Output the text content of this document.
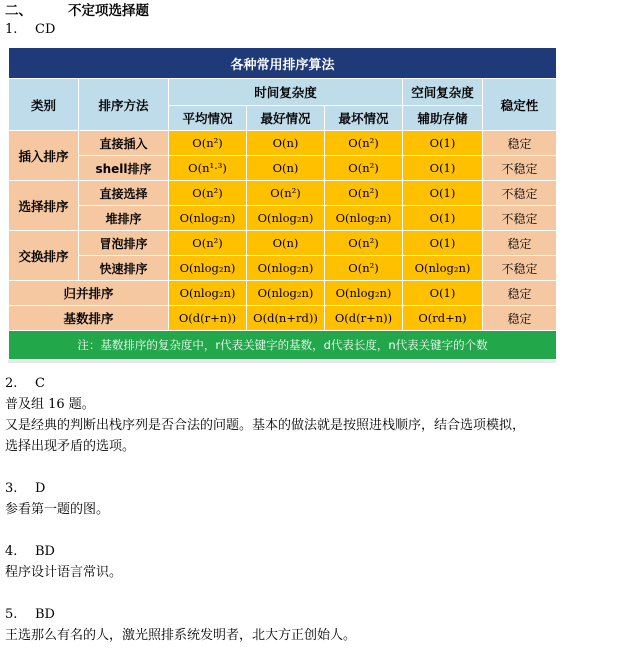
二、	不定项选择题
1. CD
各种常用排序算法						
类别	排序方法	时间复杂度			空间复杂度	稳定性
		平均情况	最好情况	最坏情况	辅助存储	
插入排序	直接插入	O(n²)	O(n)	O(n²)	O(1)	稳定
	shell排序	O(n¹·³)	O(n)	O(n²)	O(1)	不稳定
选择排序	直接选择	O(n²)	O(n²)	O(n²)	O(1)	不稳定
	堆排序	O(nlog₂n)	O(nlog₂n)	O(nlog₂n)	O(1)	不稳定
交换排序	冒泡排序	O(n²)	O(n)	O(n²)	O(1)	稳定
	快速排序	O(nlog₂n)	O(nlog₂n)	O(n²)	O(nlog₂n)	不稳定
归并排序		O(nlog₂n)	O(nlog₂n)	O(nlog₂n)	O(1)	稳定
基数排序		O(d(r+n))	O(d(n+rd))	O(d(r+n))	O(rd+n)	稳定
注：基数排序的复杂度中，r代表关键字的基数，d代表长度，n代表关键字的个数						
2. C
普及组 16 题。
又是经典的判断出栈序列是否合法的问题。基本的做法就是按照进栈顺序，结合选项模拟，
选择出现矛盾的选项。
3. D
参看第一题的图。
4. BD
程序设计语言常识。
5. BD
王选那么有名的人，激光照排系统发明者，北大方正创始人。
